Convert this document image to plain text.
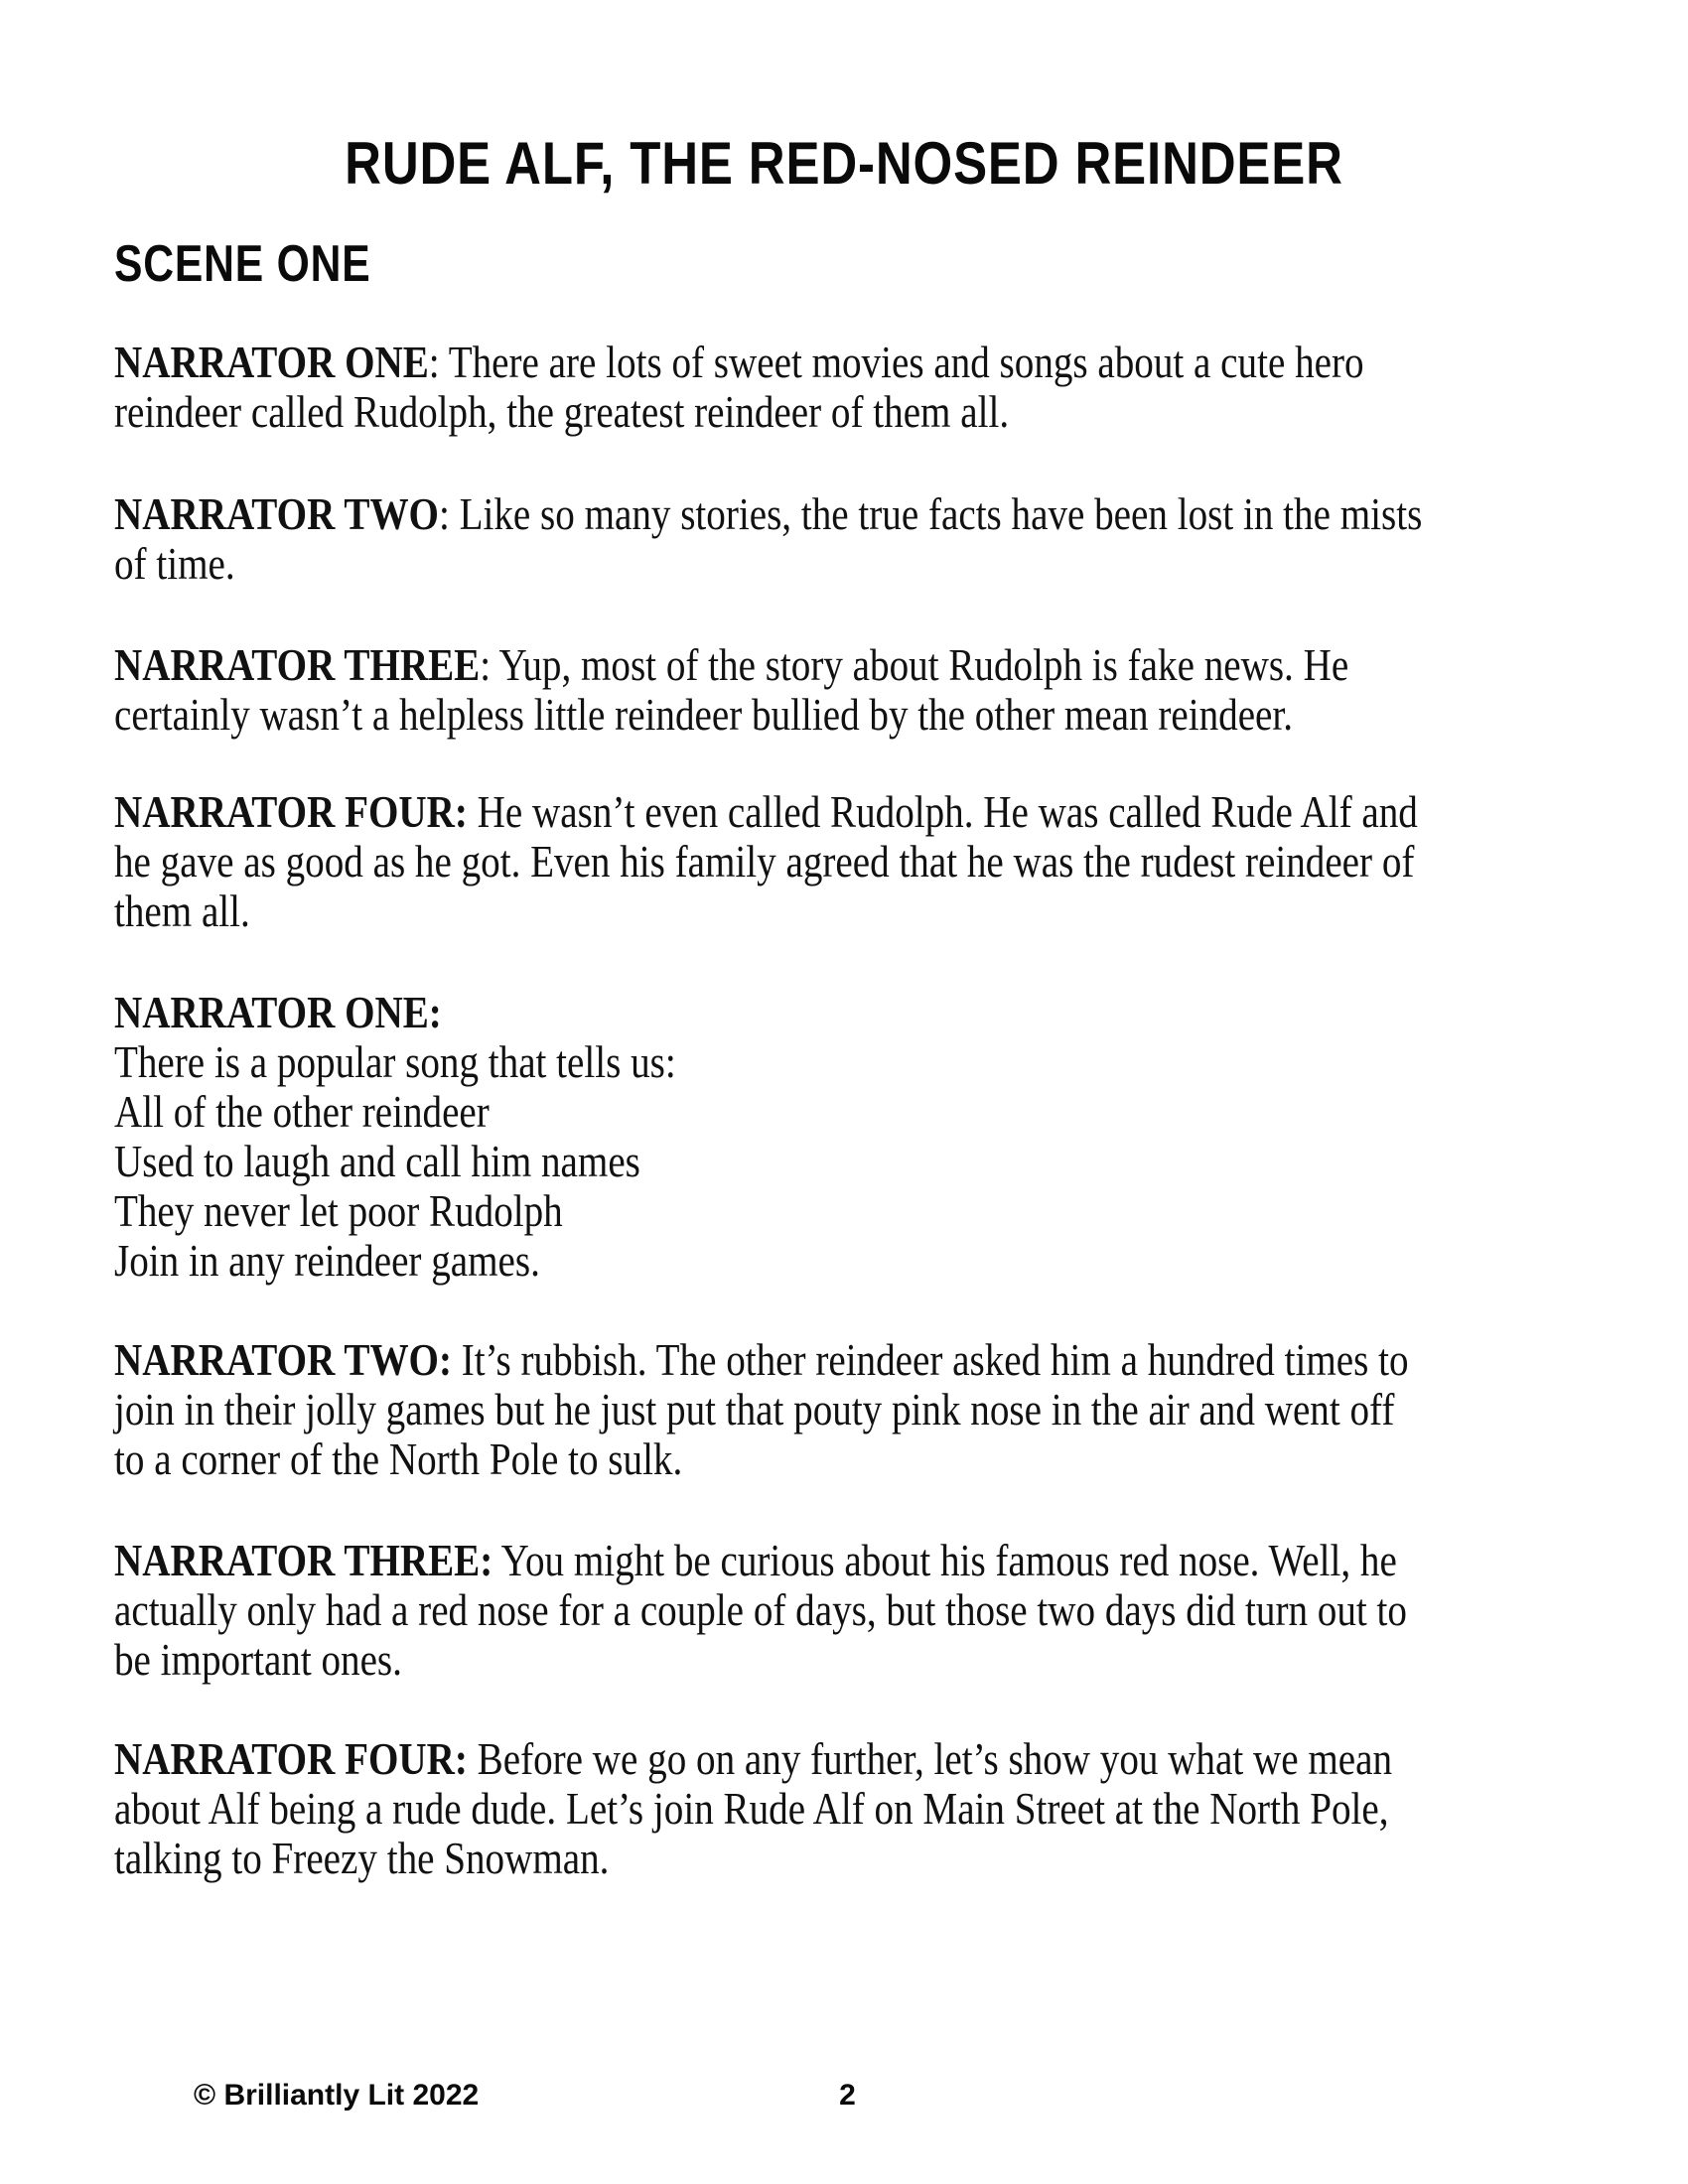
RUDE ALF, THE RED-NOSED REINDEER
SCENE ONE
NARRATOR ONE: There are lots of sweet movies and songs about a cute hero
reindeer called Rudolph, the greatest reindeer of them all.
NARRATOR TWO: Like so many stories, the true facts have been lost in the mists
of time.
NARRATOR THREE: Yup, most of the story about Rudolph is fake news. He
certainly wasn’t a helpless little reindeer bullied by the other mean reindeer.
NARRATOR FOUR: He wasn’t even called Rudolph. He was called Rude Alf and
he gave as good as he got. Even his family agreed that he was the rudest reindeer of
them all.
NARRATOR ONE:
There is a popular song that tells us:
All of the other reindeer
Used to laugh and call him names
They never let poor Rudolph
Join in any reindeer games.
NARRATOR TWO: It’s rubbish. The other reindeer asked him a hundred times to
join in their jolly games but he just put that pouty pink nose in the air and went off
to a corner of the North Pole to sulk.
NARRATOR THREE: You might be curious about his famous red nose. Well, he
actually only had a red nose for a couple of days, but those two days did turn out to
be important ones.
NARRATOR FOUR: Before we go on any further, let’s show you what we mean
about Alf being a rude dude. Let’s join Rude Alf on Main Street at the North Pole,
talking to Freezy the Snowman.
© Brilliantly Lit 2022	2
